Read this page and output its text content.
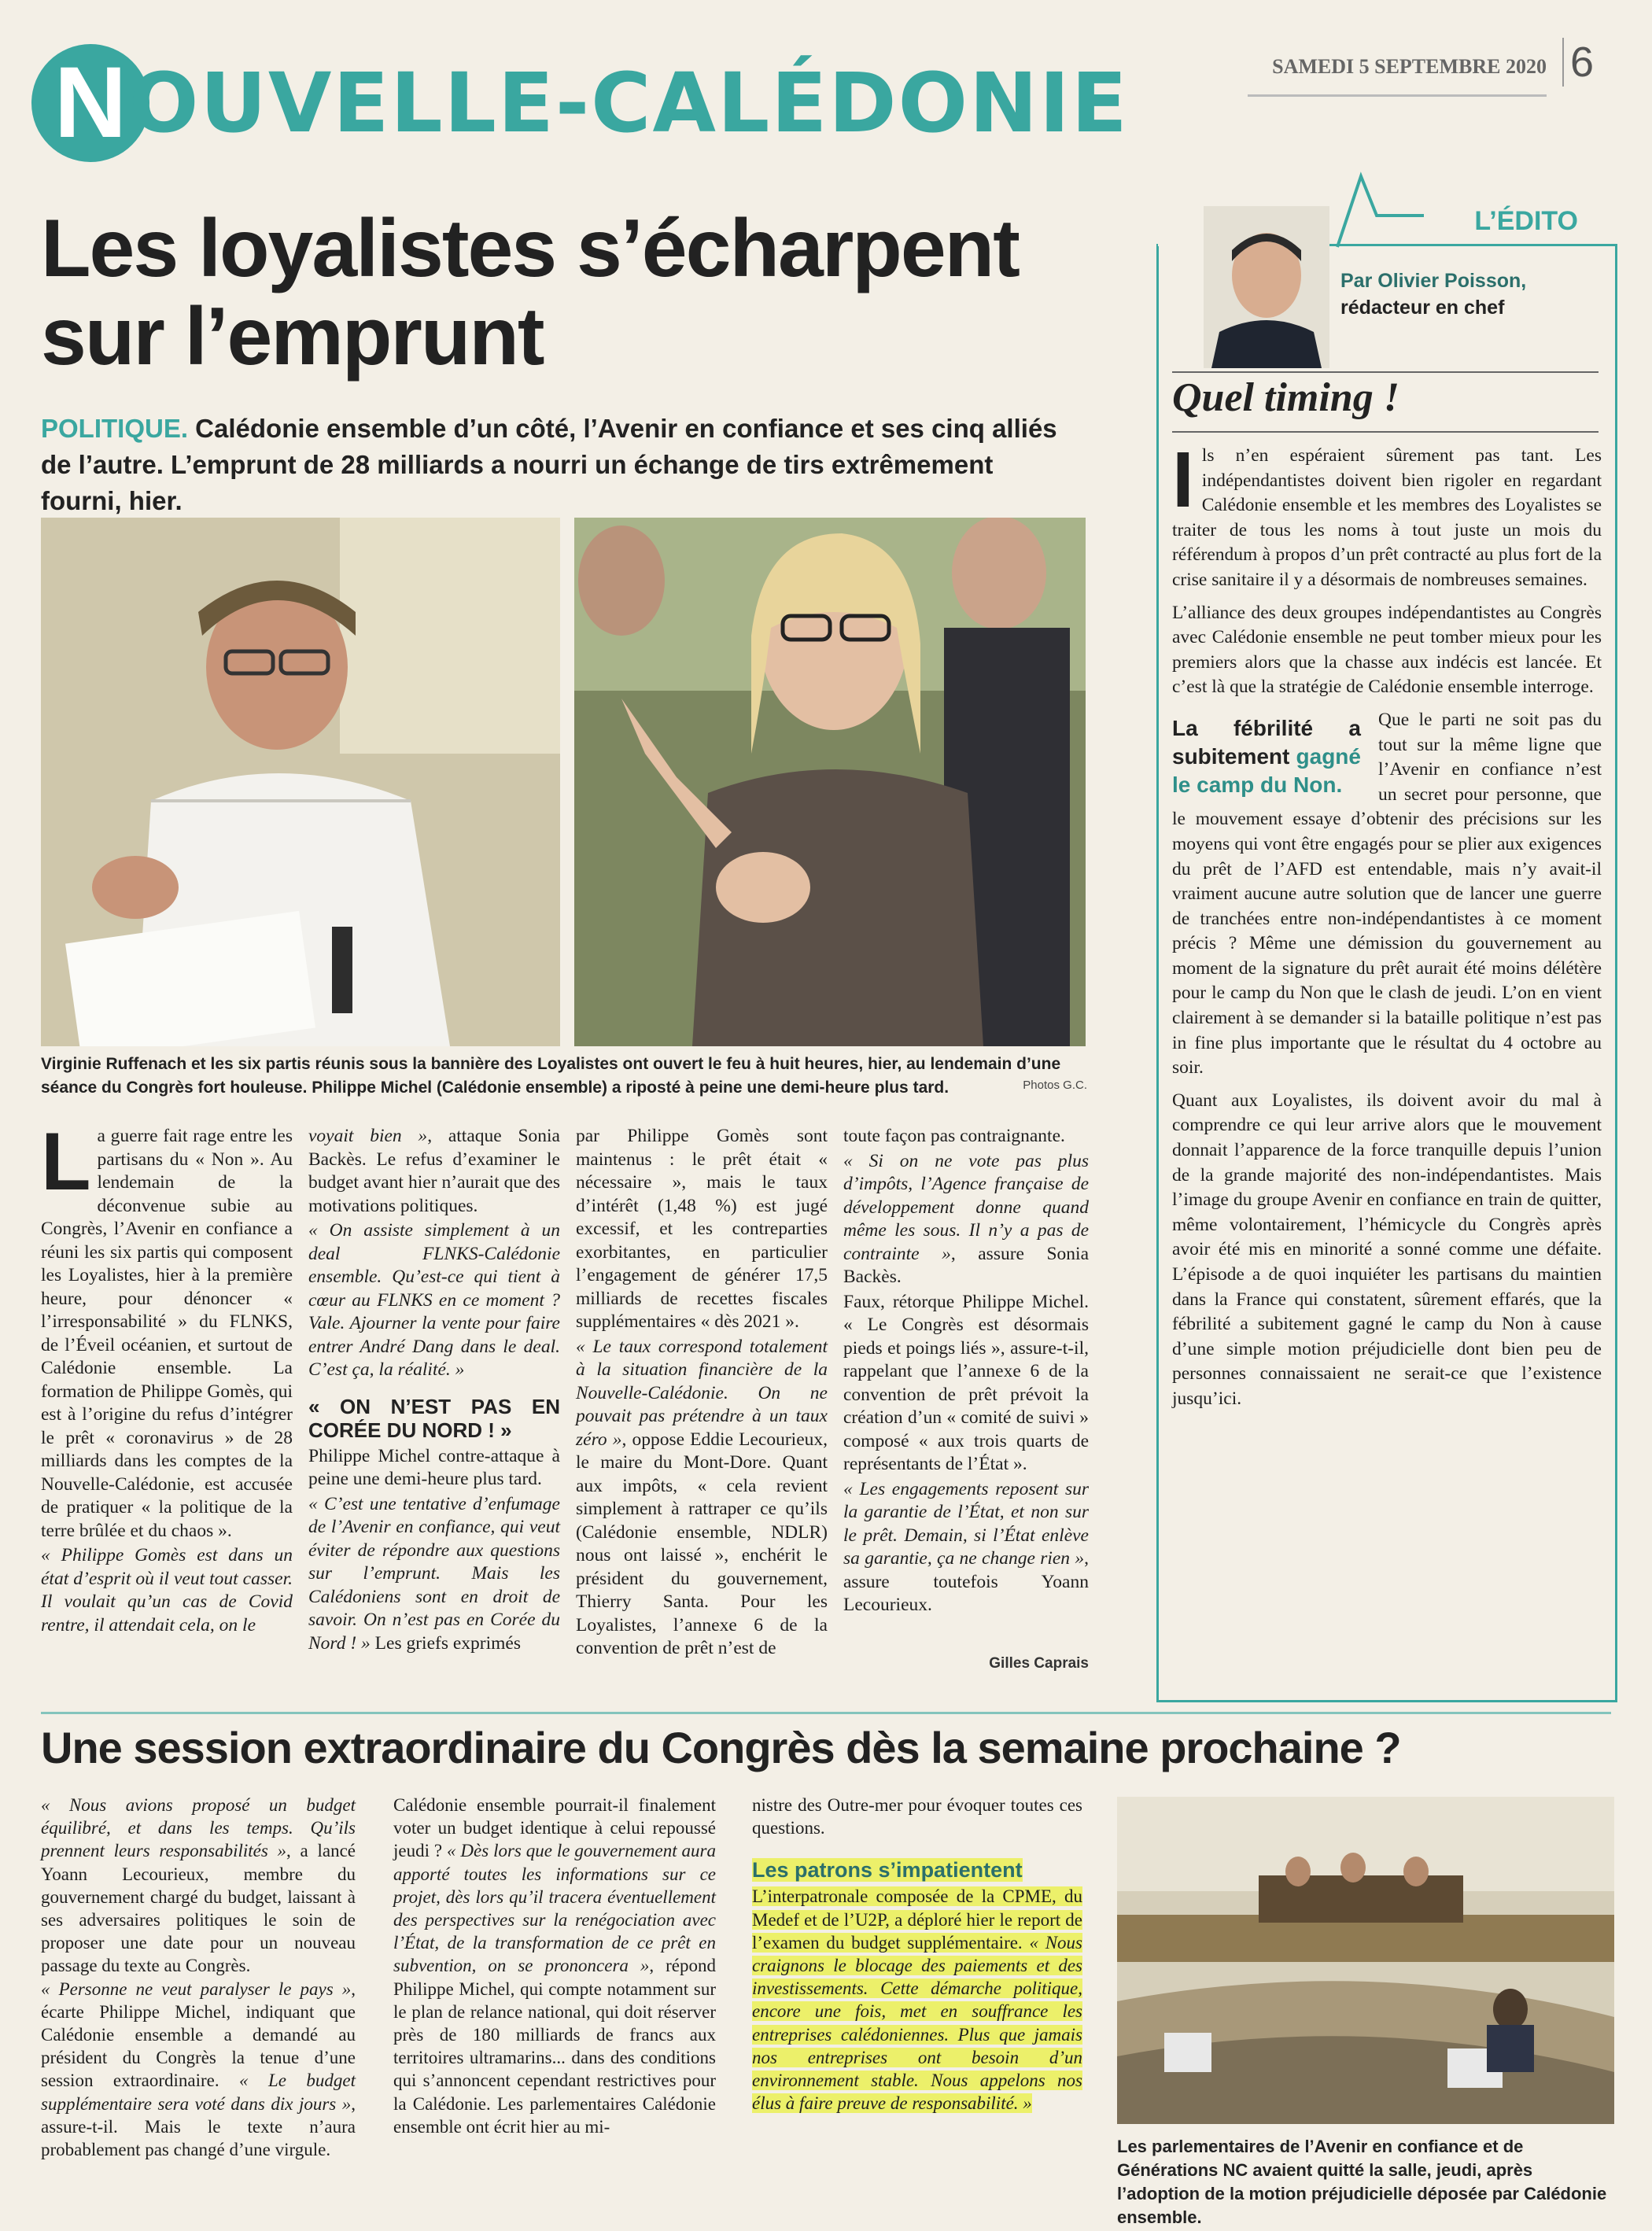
N OUVELLE-CALÉDONIE	SAMEDI 5 SEPTEMBRE 2020 6
Les loyalistes s’écharpent sur l’emprunt
POLITIQUE. Calédonie ensemble d’un côté, l’Avenir en confiance et ses cinq alliés de l’autre. L’emprunt de 28 milliards a nourri un échange de tirs extrêmement fourni, hier.
Virginie Ruffenach et les six partis réunis sous la bannière des Loyalistes ont ouvert le feu à huit heures, hier, au lendemain d’une séance du Congrès fort houleuse. Philippe Michel (Calédonie ensemble) a riposté à peine une demi-heure plus tard.	Photos G.C.

La guerre fait rage entre les partisans du « Non ». Au lendemain de la déconvenue subie au Congrès, l’Avenir en confiance a réuni les six partis qui composent les Loyalistes, hier à la première heure, pour dénoncer « l’irresponsabilité » du FLNKS, de l’Éveil océanien, et surtout de Calédonie ensemble. La formation de Philippe Gomès, qui est à l’origine du refus d’intégrer le prêt « coronavirus » de 28 milliards dans les comptes de la Nouvelle-Calédonie, est accusée de pratiquer « la politique de la terre brûlée et du chaos ».

« Philippe Gomès est dans un état d’esprit où il veut tout casser. Il voulait qu’un cas de Covid rentre, il attendait cela, on le

voyait bien », attaque Sonia Backès. Le refus d’examiner le budget avant hier n’aurait que des motivations politiques.

« On assiste simplement à un deal FLNKS-Calédonie ensemble. Qu’est-ce qui tient à cœur au FLNKS en ce moment ? Vale. Ajourner la vente pour faire entrer André Dang dans le deal. C’est ça, la réalité. »

« ON N’EST PAS EN CORÉE DU NORD ! »

Philippe Michel contre-attaque à peine une demi-heure plus tard.

« C’est une tentative d’enfumage de l’Avenir en confiance, qui veut éviter de répondre aux questions sur l’emprunt. Mais les Calédoniens sont en droit de savoir. On n’est pas en Corée du Nord ! » Les griefs exprimés

par Philippe Gomès sont maintenus : le prêt était « nécessaire », mais le taux d’intérêt (1,48 %) est jugé excessif, et les contreparties exorbitantes, en particulier l’engagement de générer 17,5 milliards de recettes fiscales supplémentaires « dès 2021 ».

« Le taux correspond totalement à la situation financière de la Nouvelle-Calédonie. On ne pouvait pas prétendre à un taux zéro », oppose Eddie Lecourieux, le maire du Mont-Dore. Quant aux impôts, « cela revient simplement à rattraper ce qu’ils (Calédonie ensemble, NDLR) nous ont laissé », enchérit le président du gouvernement, Thierry Santa. Pour les Loyalistes, l’annexe 6 de la convention de prêt n’est de

toute façon pas contraignante.

« Si on ne vote pas plus d’impôts, l’Agence française de développement donne quand même les sous. Il n’y a pas de contrainte », assure Sonia Backès.

Faux, rétorque Philippe Michel. « Le Congrès est désormais pieds et poings liés », assure-t-il, rappelant que l’annexe 6 de la convention de prêt prévoit la création d’un « comité de suivi » composé « aux trois quarts de représentants de l’État ».

« Les engagements reposent sur la garantie de l’État, et non sur le prêt. Demain, si l’État enlève sa garantie, ça ne change rien », assure toutefois Yoann Lecourieux.

Gilles Caprais
L’ÉDITO
Par Olivier Poisson,
rédacteur en chef
Quel timing !

Ils n’en espéraient sûrement pas tant. Les indépendantistes doivent bien rigoler en regardant Calédonie ensemble et les membres des Loyalistes se traiter de tous les noms à tout juste un mois du référendum à propos d’un prêt contracté au plus fort de la crise sanitaire il y a désormais de nombreuses semaines.

L’alliance des deux groupes indépendantistes au Congrès avec Calédonie ensemble ne peut tomber mieux pour les premiers alors que la chasse aux indécis est lancée. Et c’est là que la stratégie de Calédonie ensemble interroge.

La fébrilité a subitement gagné le camp du Non.

Que le parti ne soit pas du tout sur la même ligne que l’Avenir en confiance n’est un secret pour personne, que le mouvement essaye d’obtenir des précisions sur les moyens qui vont être engagés pour se plier aux exigences du prêt de l’AFD est entendable, mais n’y avait-il vraiment aucune autre solution que de lancer une guerre de tranchées entre non-indépendantistes à ce moment précis ? Même une démission du gouvernement au moment de la signature du prêt aurait été moins délétère pour le camp du Non que le clash de jeudi. L’on en vient clairement à se demander si la bataille politique n’est pas in fine plus importante que le résultat du 4 octobre au soir.

Quant aux Loyalistes, ils doivent avoir du mal à comprendre ce qui leur arrive alors que le mouvement donnait l’apparence de la force tranquille depuis l’union de la grande majorité des non-indépendantistes. Mais l’image du groupe Avenir en confiance en train de quitter, même volontairement, l’hémicycle du Congrès après avoir été mis en minorité a sonné comme une défaite. L’épisode a de quoi inquiéter les partisans du maintien dans la France qui constatent, sûrement effarés, que la fébrilité a subitement gagné le camp du Non à cause d’une simple motion préjudicielle dont bien peu de personnes connaissaient ne serait-ce que l’existence jusqu’ici.

Une session extraordinaire du Congrès dès la semaine prochaine ?

« Nous avions proposé un budget équilibré, et dans les temps. Qu’ils prennent leurs responsabilités », a lancé Yoann Lecourieux, membre du gouvernement chargé du budget, laissant à ses adversaires politiques le soin de proposer une date pour un nouveau passage du texte au Congrès.

« Personne ne veut paralyser le pays », écarte Philippe Michel, indiquant que Calédonie ensemble a demandé au président du Congrès la tenue d’une session extraordinaire. « Le budget supplémentaire sera voté dans dix jours », assure-t-il. Mais le texte n’aura probablement pas changé d’une virgule.

Calédonie ensemble pourrait-il finalement voter un budget identique à celui repoussé jeudi ? « Dès lors que le gouvernement aura apporté toutes les informations sur ce projet, dès lors qu’il tracera éventuellement des perspectives sur la renégociation avec l’État, de la transformation de ce prêt en subvention, on se prononcera », répond Philippe Michel, qui compte notamment sur le plan de relance national, qui doit réserver près de 180 milliards de francs aux territoires ultramarins... dans des conditions qui s’annoncent cependant restrictives pour la Calédonie. Les parlementaires Calédonie ensemble ont écrit hier au mi-

nistre des Outre-mer pour évoquer toutes ces questions.

Les patrons s’impatientent

L’interpatronale composée de la CPME, du Medef et de l’U2P, a déploré hier le report de l’examen du budget supplémentaire. « Nous craignons le blocage des paiements et des investissements. Cette démarche politique, encore une fois, met en souffrance les entreprises calédoniennes. Plus que jamais nos entreprises ont besoin d’un environnement stable. Nous appelons nos élus à faire preuve de responsabilité. »

Les parlementaires de l’Avenir en confiance et de Générations NC avaient quitté la salle, jeudi, après l’adoption de la motion préjudicielle déposée par Calédonie ensemble.
